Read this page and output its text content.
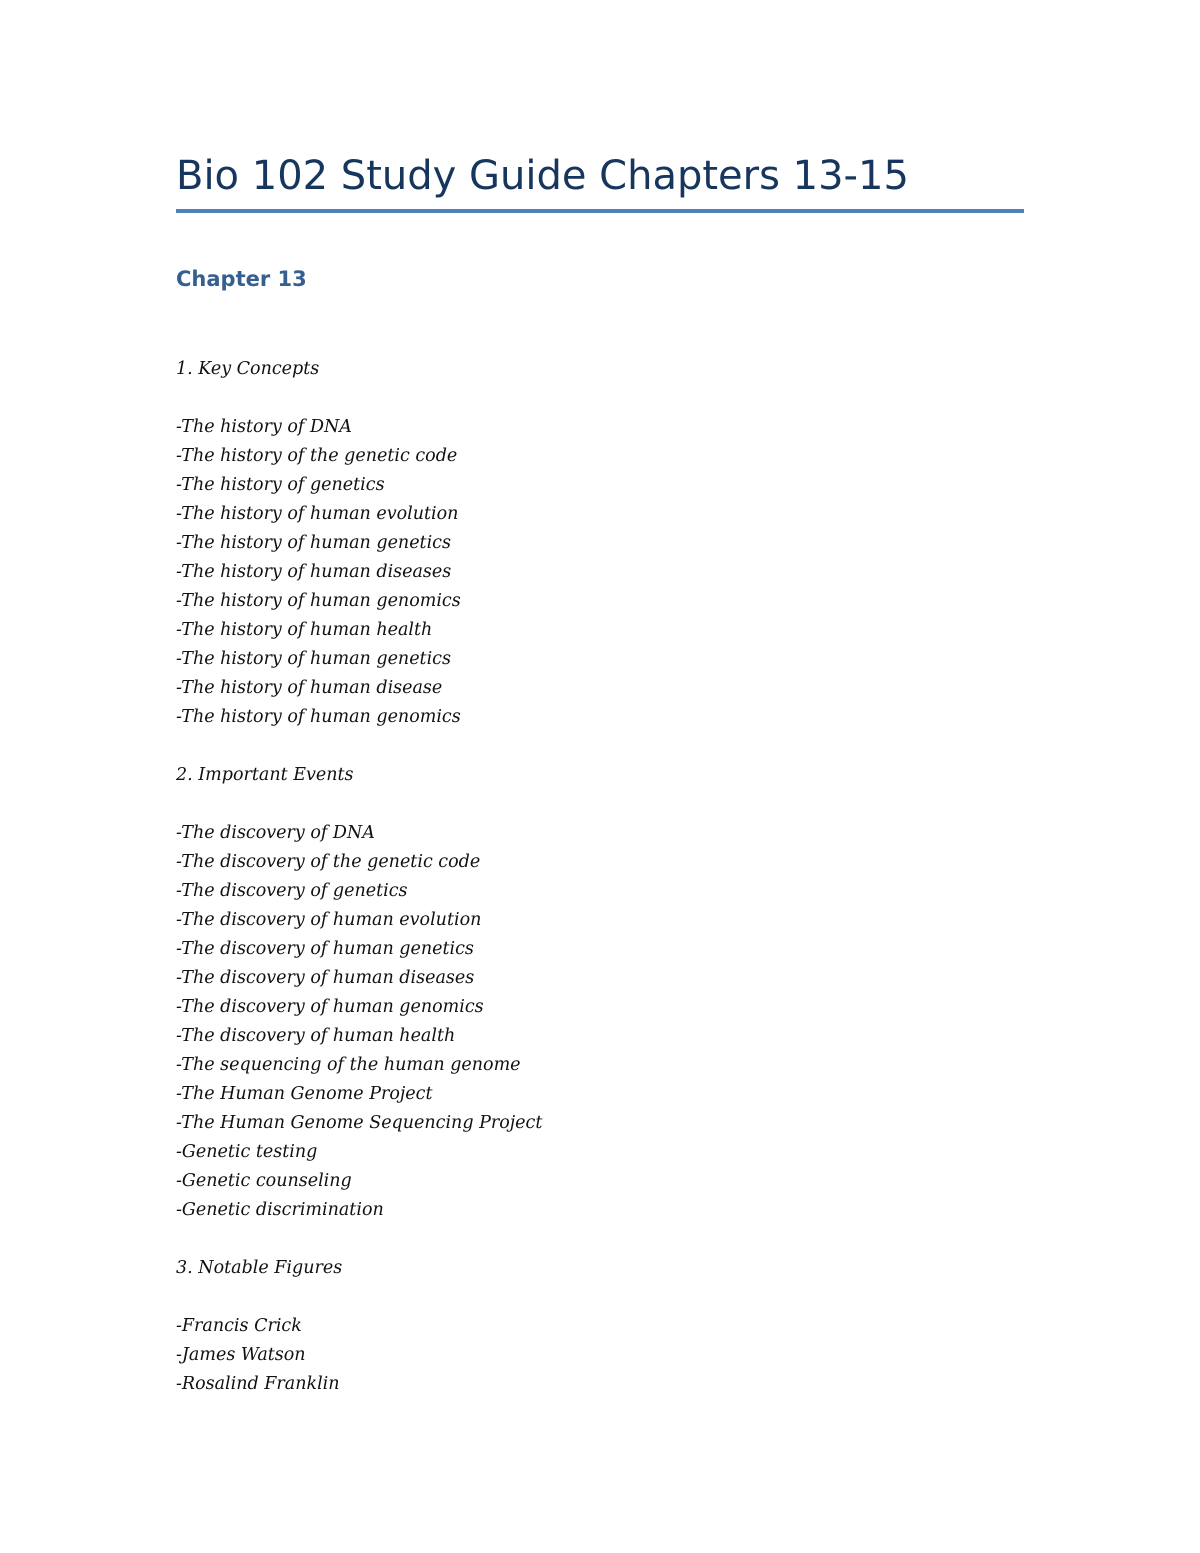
Bio 102 Study Guide Chapters 13-15
Chapter 13
1. Key Concepts
-The history of DNA
-The history of the genetic code
-The history of genetics
-The history of human evolution
-The history of human genetics
-The history of human diseases
-The history of human genomics
-The history of human health
-The history of human genetics
-The history of human disease
-The history of human genomics
2. Important Events
-The discovery of DNA
-The discovery of the genetic code
-The discovery of genetics
-The discovery of human evolution
-The discovery of human genetics
-The discovery of human diseases
-The discovery of human genomics
-The discovery of human health
-The sequencing of the human genome
-The Human Genome Project
-The Human Genome Sequencing Project
-Genetic testing
-Genetic counseling
-Genetic discrimination
3. Notable Figures
-Francis Crick
-James Watson
-Rosalind Franklin
